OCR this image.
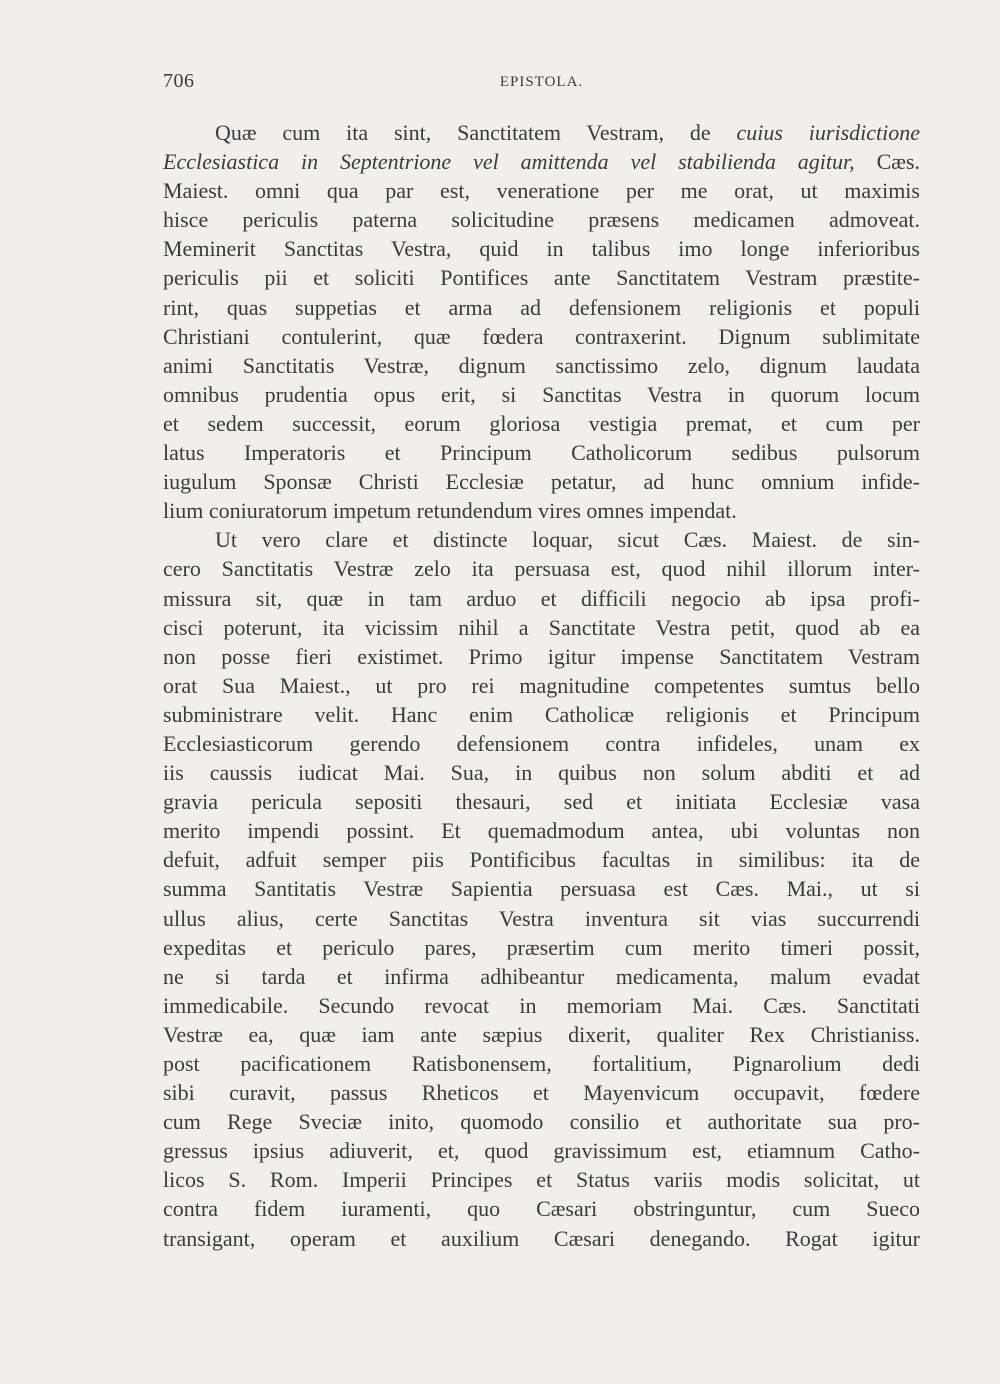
706	EPISTOLA.
Quæ cum ita sint, Sanctitatem Vestram, de cuius iurisdictione
Ecclesiastica in Septentrione vel amittenda vel stabilienda agitur, Cæs.
Maiest. omni qua par est, veneratione per me orat, ut maximis
hisce periculis paterna solicitudine præsens medicamen admoveat.
Meminerit Sanctitas Vestra, quid in talibus imo longe inferioribus
periculis pii et soliciti Pontifices ante Sanctitatem Vestram præstite-
rint, quas suppetias et arma ad defensionem religionis et populi
Christiani contulerint, quæ fœdera contraxerint. Dignum sublimitate
animi Sanctitatis Vestræ, dignum sanctissimo zelo, dignum laudata
omnibus prudentia opus erit, si Sanctitas Vestra in quorum locum
et sedem successit, eorum gloriosa vestigia premat, et cum per
latus Imperatoris et Principum Catholicorum sedibus pulsorum
iugulum Sponsæ Christi Ecclesiæ petatur, ad hunc omnium infide-
lium coniuratorum impetum retundendum vires omnes impendat.
Ut vero clare et distincte loquar, sicut Cæs. Maiest. de sin-
cero Sanctitatis Vestræ zelo ita persuasa est, quod nihil illorum inter-
missura sit, quæ in tam arduo et difficili negocio ab ipsa profi-
cisci poterunt, ita vicissim nihil a Sanctitate Vestra petit, quod ab ea
non posse fieri existimet. Primo igitur impense Sanctitatem Vestram
orat Sua Maiest., ut pro rei magnitudine competentes sumtus bello
subministrare velit. Hanc enim Catholicæ religionis et Principum
Ecclesiasticorum gerendo defensionem contra infideles, unam ex
iis caussis iudicat Mai. Sua, in quibus non solum abditi et ad
gravia pericula sepositi thesauri, sed et initiata Ecclesiæ vasa
merito impendi possint. Et quemadmodum antea, ubi voluntas non
defuit, adfuit semper piis Pontificibus facultas in similibus: ita de
summa Santitatis Vestræ Sapientia persuasa est Cæs. Mai., ut si
ullus alius, certe Sanctitas Vestra inventura sit vias succurrendi
expeditas et periculo pares, præsertim cum merito timeri possit,
ne si tarda et infirma adhibeantur medicamenta, malum evadat
immedicabile. Secundo revocat in memoriam Mai. Cæs. Sanctitati
Vestræ ea, quæ iam ante sæpius dixerit, qualiter Rex Christianiss.
post pacificationem Ratisbonensem, fortalitium, Pignarolium dedi
sibi curavit, passus Rheticos et Mayenvicum occupavit, fœdere
cum Rege Sveciæ inito, quomodo consilio et authoritate sua pro-
gressus ipsius adiuverit, et, quod gravissimum est, etiamnum Catho-
licos S. Rom. Imperii Principes et Status variis modis solicitat, ut
contra fidem iuramenti, quo Cæsari obstringuntur, cum Sueco
transigant, operam et auxilium Cæsari denegando. Rogat igitur
